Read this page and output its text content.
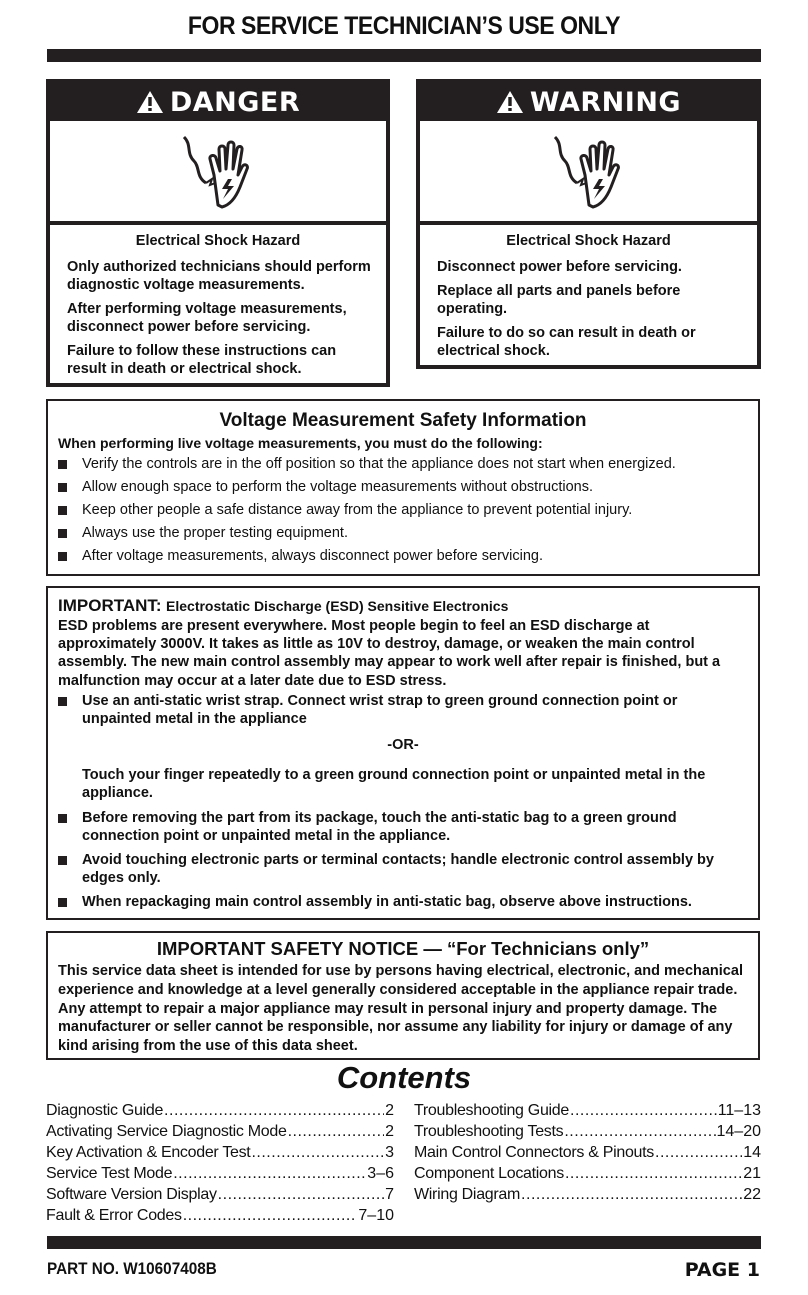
FOR SERVICE TECHNICIAN’S USE ONLY
DANGER
Electrical Shock Hazard
Only authorized technicians should perform diagnostic voltage measurements.
After performing voltage measurements, disconnect power before servicing.
Failure to follow these instructions can result in death or electrical shock.
WARNING
Electrical Shock Hazard
Disconnect power before servicing.
Replace all parts and panels before operating.
Failure to do so can result in death or electrical shock.
Voltage Measurement Safety Information
When performing live voltage measurements, you must do the following:
Verify the controls are in the off position so that the appliance does not start when energized.
Allow enough space to perform the voltage measurements without obstructions.
Keep other people a safe distance away from the appliance to prevent potential injury.
Always use the proper testing equipment.
After voltage measurements, always disconnect power before servicing.
IMPORTANT: Electrostatic Discharge (ESD) Sensitive Electronics
ESD problems are present everywhere. Most people begin to feel an ESD discharge at approximately 3000V. It takes as little as 10V to destroy, damage, or weaken the main control assembly. The new main control assembly may appear to work well after repair is finished, but a malfunction may occur at a later date due to ESD stress.
Use an anti-static wrist strap. Connect wrist strap to green ground connection point or unpainted metal in the appliance
-OR-
Touch your finger repeatedly to a green ground connection point or unpainted metal in the appliance.
Before removing the part from its package, touch the anti-static bag to a green ground connection point or unpainted metal in the appliance.
Avoid touching electronic parts or terminal contacts; handle electronic control assembly by edges only.
When repackaging main control assembly in anti-static bag, observe above instructions.
IMPORTANT SAFETY NOTICE — “For Technicians only”
This service data sheet is intended for use by persons having electrical, electronic, and mechanical experience and knowledge at a level generally considered acceptable in the appliance repair trade. Any attempt to repair a major appliance may result in personal injury and property damage. The manufacturer or seller cannot be responsible, nor assume any liability for injury or damage of any kind arising from the use of this data sheet.
Contents
Diagnostic Guide .....	2
Activating Service Diagnostic Mode .....	2
Key Activation & Encoder Test .....	3
Service Test Mode .....	3–6
Software Version Display .....	7
Fault & Error Codes .....	7–10
Troubleshooting Guide .....	11–13
Troubleshooting Tests .....	14–20
Main Control Connectors & Pinouts .....	14
Component Locations .....	21
Wiring Diagram .....	22
PART NO. W10607408B	PAGE 1
